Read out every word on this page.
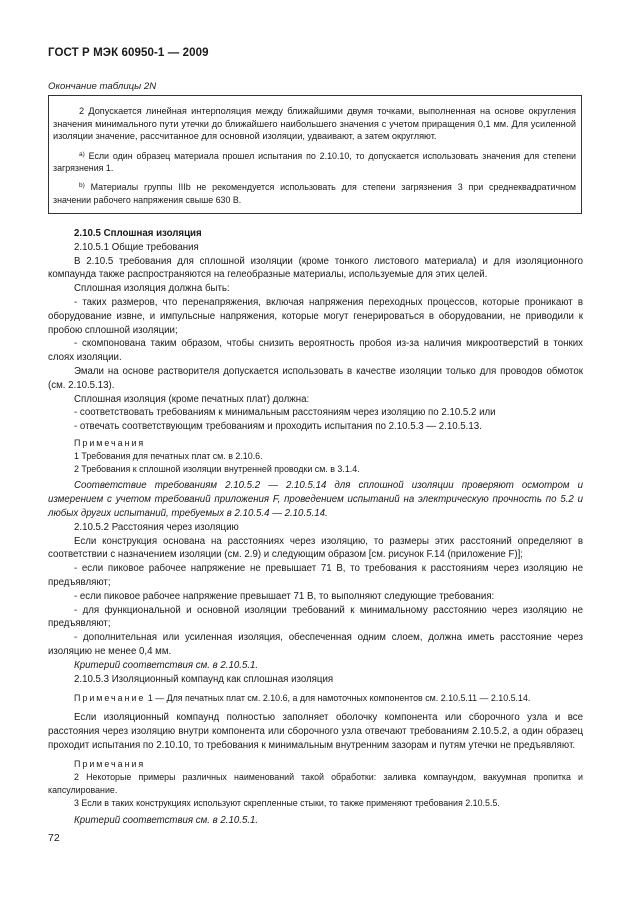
ГОСТ Р МЭК 60950-1 — 2009
Окончание таблицы 2N

2 Допускается линейная интерполяция между ближайшими двумя точками, выполненная на основе округления значения минимального пути утечки до ближайшего наибольшего значения с учетом приращения 0,1 мм. Для усиленной изоляции значение, рассчитанное для основной изоляции, удваивают, а затем округляют.

$^{a)}$ Если один образец материала прошел испытания по 2.10.10, то допускается использовать значения для степени загрязнения 1.

$^{b)}$ Материалы группы IIIb не рекомендуется использовать для степени загрязнения 3 при среднеквадратичном значении рабочего напряжения свыше 630 В.

2.10.5 Сплошная изоляция

2.10.5.1 Общие требования

В 2.10.5 требования для сплошной изоляции (кроме тонкого листового материала) и для изоляционного компаунда также распространяются на гелеобразные материалы, используемые для этих целей.

Сплошная изоляция должна быть:

- таких размеров, что перенапряжения, включая напряжения переходных процессов, которые проникают в оборудование извне, и импульсные напряжения, которые могут генерироваться в оборудовании, не приводили к пробою сплошной изоляции;

- скомпонована таким образом, чтобы снизить вероятность пробоя из-за наличия микроотверстий в тонких слоях изоляции.

Эмали на основе растворителя допускается использовать в качестве изоляции только для проводов обмоток (см. 2.10.5.13).

Сплошная изоляция (кроме печатных плат) должна:

- соответствовать требованиям к минимальным расстояниям через изоляцию по 2.10.5.2 или

- отвечать соответствующим требованиям и проходить испытания по 2.10.5.3 — 2.10.5.13.

Примечания

1 Требования для печатных плат см. в 2.10.6.

2 Требования к сплошной изоляции внутренней проводки см. в 3.1.4.

Соответствие требованиям 2.10.5.2 — 2.10.5.14 для сплошной изоляции проверяют осмотром и измерением с учетом требований приложения F, проведением испытаний на электрическую прочность по 5.2 и любых других испытаний, требуемых в 2.10.5.4 — 2.10.5.14.

2.10.5.2 Расстояния через изоляцию

Если конструкция основана на расстояниях через изоляцию, то размеры этих расстояний определяют в соответствии с назначением изоляции (см. 2.9) и следующим образом [см. рисунок F.14 (приложение F)];

- если пиковое рабочее напряжение не превышает 71 В, то требования к расстояниям через изоляцию не предъявляют;

- если пиковое рабочее напряжение превышает 71 В, то выполняют следующие требования:

- для функциональной и основной изоляции требований к минимальному расстоянию через изоляцию не предъявляют;

- дополнительная или усиленная изоляция, обеспеченная одним слоем, должна иметь расстояние через изоляцию не менее 0,4 мм.

Критерий соответствия см. в 2.10.5.1.

2.10.5.3 Изоляционный компаунд как сплошная изоляция

Примечание 1 — Для печатных плат см. 2.10.6, а для намоточных компонентов см. 2.10.5.11 — 2.10.5.14.

Если изоляционный компаунд полностью заполняет оболочку компонента или сборочного узла и все расстояния через изоляцию внутри компонента или сборочного узла отвечают требованиям 2.10.5.2, а один образец проходит испытания по 2.10.10, то требования к минимальным внутренним зазорам и путям утечки не предъявляют.

Примечания

2 Некоторые примеры различных наименований такой обработки: заливка компаундом, вакуумная пропитка и капсулирование.

3 Если в таких конструкциях используют скрепленные стыки, то также применяют требования 2.10.5.5.

Критерий соответствия см. в 2.10.5.1.

72
